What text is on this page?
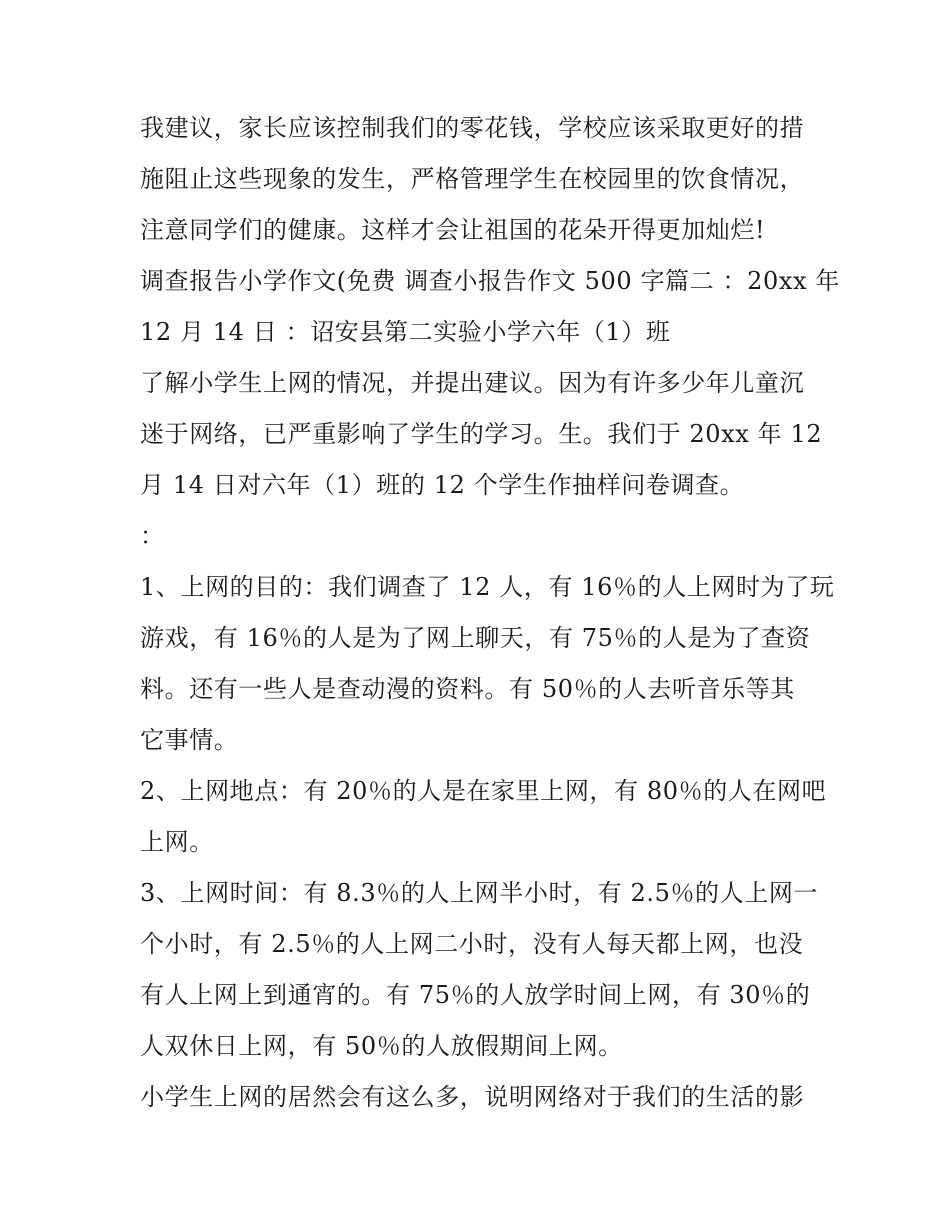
我建议，家长应该控制我们的零花钱，学校应该采取更好的措
施阻止这些现象的发生，严格管理学生在校园里的饮食情况，
注意同学们的健康。这样才会让祖国的花朵开得更加灿烂!
调查报告小学作文(免费 调查小报告作文 500 字篇二 ：20xx 年
12 月 14 日 ：诏安县第二实验小学六年（1）班
了解小学生上网的情况，并提出建议。因为有许多少年儿童沉
迷于网络，已严重影响了学生的学习。生。我们于 20xx 年 12
月 14 日对六年（1）班的 12 个学生作抽样问卷调查。
：
1、上网的目的：我们调查了 12 人，有 16％的人上网时为了玩
游戏，有 16％的人是为了网上聊天，有 75％的人是为了查资
料。还有一些人是查动漫的资料。有 50％的人去听音乐等其
它事情。
2、上网地点：有 20％的人是在家里上网，有 80％的人在网吧
上网。
3、上网时间：有 8.3％的人上网半小时，有 2.5％的人上网一
个小时，有 2.5％的人上网二小时，没有人每天都上网，也没
有人上网上到通宵的。有 75％的人放学时间上网，有 30％的
人双休日上网，有 50％的人放假期间上网。
小学生上网的居然会有这么多，说明网络对于我们的生活的影
